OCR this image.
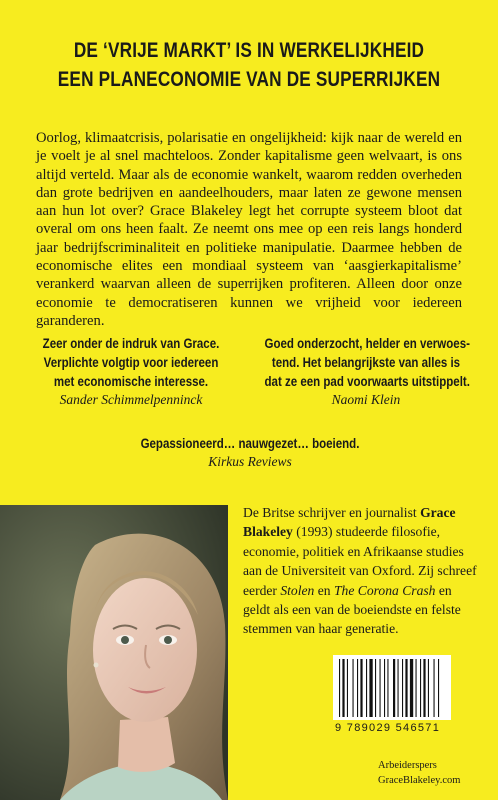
DE ‘VRIJE MARKT’ IS IN WERKELIJKHEID
EEN PLANECONOMIE VAN DE SUPERRIJKEN

Oorlog, klimaatcrisis, polarisatie en ongelijkheid: kijk naar de wereld en je voelt je al snel machteloos. Zonder kapitalisme geen welvaart, is ons altijd verteld. Maar als de economie wankelt, waarom redden overheden dan grote bedrijven en aandeelhouders, maar laten ze gewone mensen aan hun lot over? Grace Blakeley legt het corrupte systeem bloot dat overal om ons heen faalt. Ze neemt ons mee op een reis langs honderd jaar bedrijfscriminaliteit en politieke manipulatie. Daarmee hebben de economische elites een mondiaal systeem van ‘aasgierkapitalisme’ verankerd waarvan alleen de superrijken profiteren. Alleen door onze economie te democratiseren kunnen we vrijheid voor iedereen garanderen.

Zeer onder de indruk van Grace.
Verplichte volgtip voor iedereen
met economische interesse.
Sander Schimmelpenninck
Goed onderzocht, helder en verwoes-
tend. Het belangrijkste van alles is
dat ze een pad voorwaarts uitstippelt.
Naomi Klein
Gepassioneerd… nauwgezet… boeiend.
Kirkus Reviews

De Britse schrijver en journalist Grace Blakeley (1993) studeerde filosofie, economie, politiek en Afrikaanse studies aan de Universiteit van Oxford. Zij schreef eerder Stolen en The Corona Crash en geldt als een van de boeiendste en felste stemmen van haar generatie.

9 789029 546571
Arbeiderspers
GraceBlakeley.com
